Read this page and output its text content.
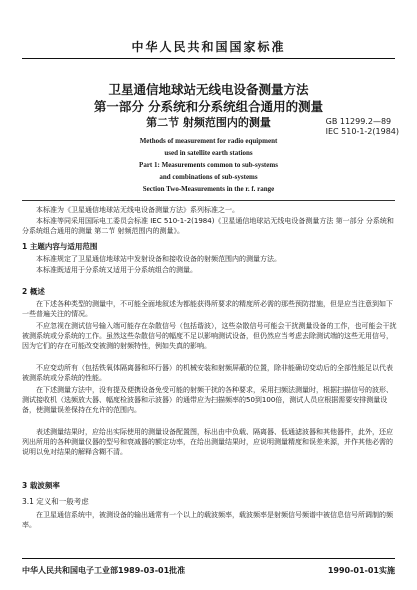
中华人民共和国国家标准
卫星通信地球站无线电设备测量方法
第一部分 分系统和分系统组合通用的测量
第二节 射频范围内的测量	GB 11299.2—89
IEC 510-1-2(1984)
Methods of measurement for radio equipment
used in satellite earth stations
Part 1: Measurements common to sub-systems
and combinations of sub-systems
Section Two-Measurements in the r. f. range
本标准为《卫星通信地球站无线电设备测量方法》系列标准之一。
本标准等同采用国际电工委员会标准 IEC 510-1-2(1984)《卫星通信地球站无线电设备测量方法 第一部分 分系统和分系统组合通用的测量 第二节 射频范围内的测量》。
1 主题内容与适用范围
本标准规定了卫星通信地球站中发射设备和接收设备的射频范围内的测量方法。
本标准既适用于分系统又适用于分系统组合的测量。
2 概述
在下述各种类型的测量中，不可能全面地叙述为都能获得所要求的精度所必需的那些预防措施，但是应当注意到如下一些普遍关注的情况。
不应忽视在测试信号输入端可能存在杂散信号（包括谐波），这些杂散信号可能会干扰测量设备的工作，也可能会干扰被测系统或分系统的工作。虽然这些杂散信号的幅度不足以影响测试设备，但仍然应当考虑去除测试端的这些无用信号，因为它们的存在可能改变被测的射频特性，例如失真的影响。
不应变动所有（包括铁氧体隔离器和环行器）的机械安装和射频屏蔽的位置，除非能确切变动后的全部性能足以代表被测系统或分系统的性能。
在下述测量方法中，没有提及便携设备免受可能的射频干扰的各种要求，采用扫频法测量时，根据扫描信号的波形、测试接收机（选频放大器、幅度检波器和示波器）的通带应为扫描频率的50到100倍，测试人员应根据需要安排测量设备，使测量误差保持在允许的范围内。
表述测量结果时，应给出实际使用的测量设备配置图，标出由中负载、隔离器、低通滤波器和其他器件，此外，还应列出所用的各种测量仪器的型号和衰减器的额定功率，在给出测量结果时，应说明测量精度和误差来源，并作其他必需的说明以免对结果的解释含糊不清。
3 载波频率
3.1 定义和一般考虑
在卫星通信系统中，被测设备的输出通常有一个以上的载波频率，载波频率是射频信号频谱中被信息信号所调制的频率。
中华人民共和国电子工业部1989-03-01批准	1990-01-01实施
